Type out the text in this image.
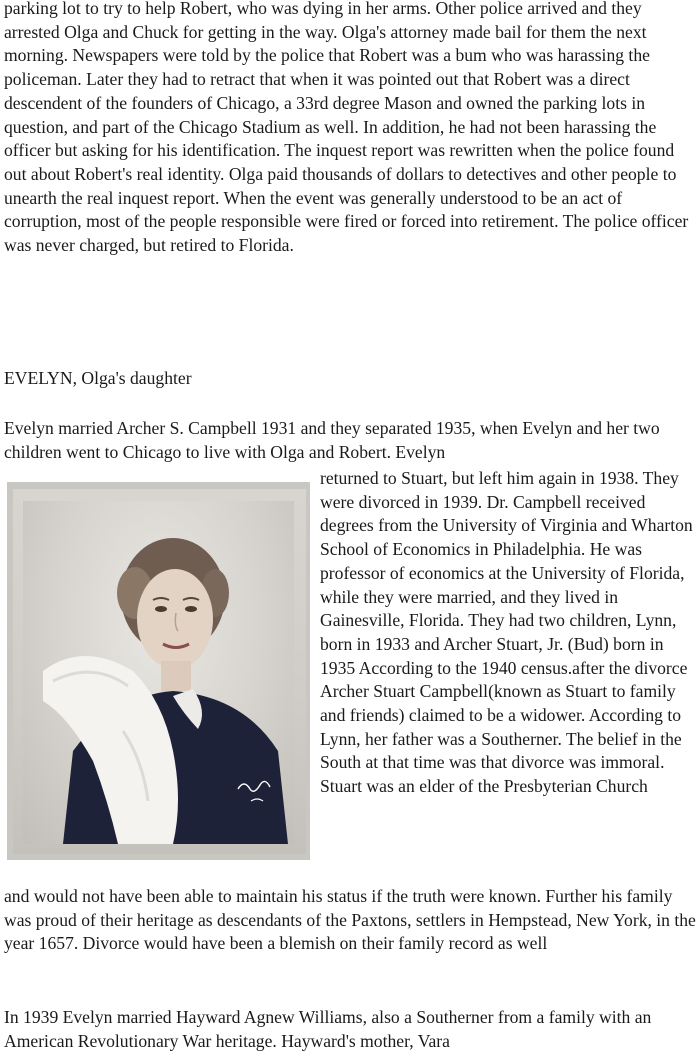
parking lot to try to help Robert, who was dying in her arms. Other police arrived and they arrested Olga and Chuck for getting in the way. Olga's attorney made bail for them the next morning. Newspapers were told by the police that Robert was a bum who was harassing the policeman. Later they had to retract that when it was pointed out that Robert was a direct descendent of the founders of Chicago, a 33rd degree Mason and owned the parking lots in question, and part of the Chicago Stadium as well. In addition, he had not been harassing the officer but asking for his identification. The inquest report was rewritten when the police found out about Robert's real identity. Olga paid thousands of dollars to detectives and other people to unearth the real inquest report. When the event was generally understood to be an act of corruption, most of the people responsible were fired or forced into retirement. The police officer was never charged, but retired to Florida.

EVELYN, Olga's daughter

Evelyn married Archer S. Campbell 1931 and they separated 1935, when Evelyn and her two children went to Chicago to live with Olga and Robert. Evelyn

returned to Stuart, but left him again in 1938. They were divorced in 1939. Dr. Campbell received degrees from the University of Virginia and Wharton School of Economics in Philadelphia. He was professor of economics at the University of Florida, while they were married, and they lived in Gainesville, Florida. They had two children, Lynn, born in 1933 and Archer Stuart, Jr. (Bud) born in 1935 According to the 1940 census.after the divorce Archer Stuart Campbell(known as Stuart to family and friends) claimed to be a widower. According to Lynn, her father was a Southerner. The belief in the South at that time was that divorce was immoral. Stuart was an elder of the Presbyterian Church

and would not have been able to maintain his status if the truth were known. Further his family was proud of their heritage as descendants of the Paxtons, settlers in Hempstead, New York, in the year 1657. Divorce would have been a blemish on their family record as well

In 1939 Evelyn married Hayward Agnew Williams, also a Southerner from a family with an American Revolutionary War heritage. Hayward's mother, Vara
